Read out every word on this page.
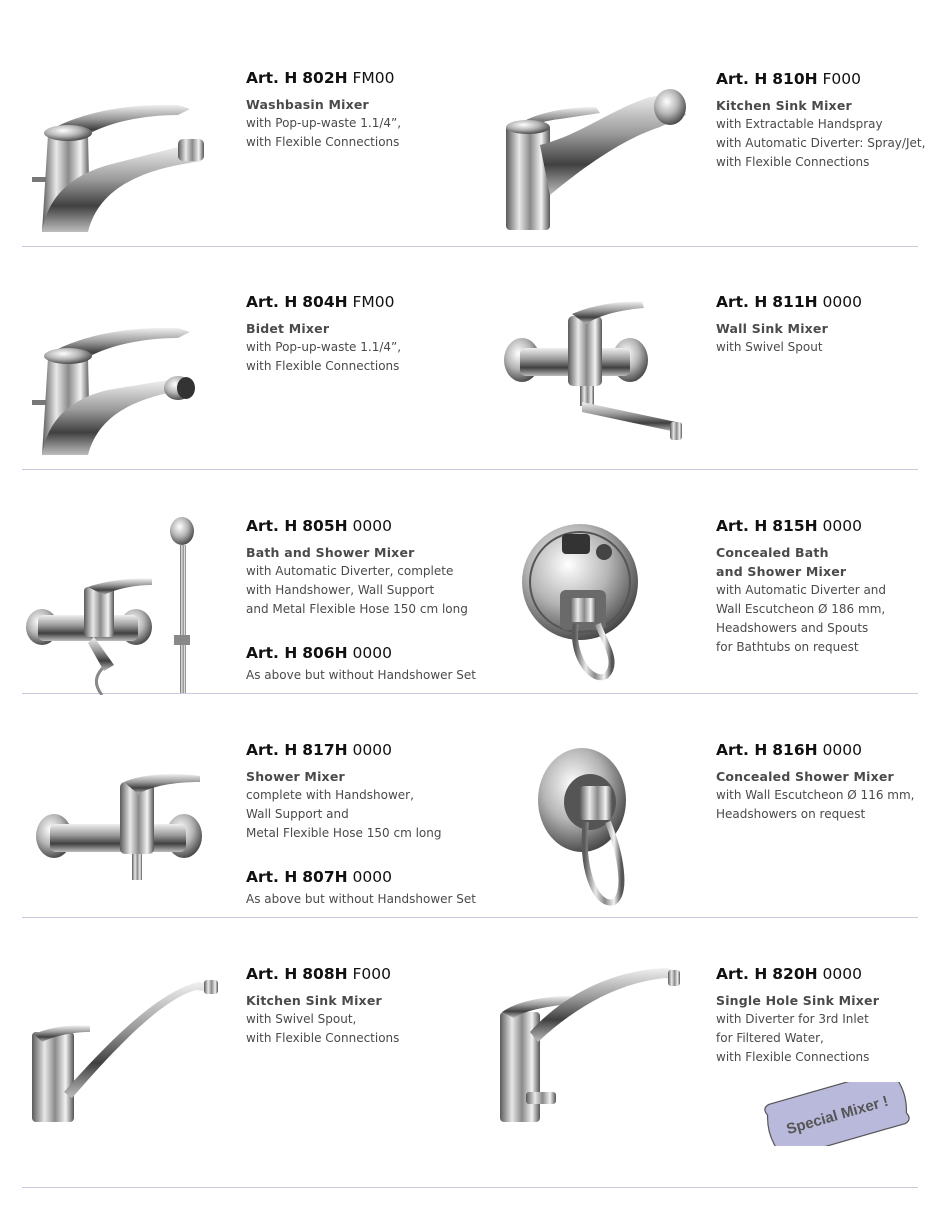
Art. H 802H FM00
Washbasin Mixer
with Pop-up-waste 1.1/4”,
with Flexible Connections
Art. H 810H F000
Kitchen Sink Mixer
with Extractable Handspray
with Automatic Diverter: Spray/Jet,
with Flexible Connections
Art. H 804H FM00
Bidet Mixer
with Pop-up-waste 1.1/4”,
with Flexible Connections
Art. H 811H 0000
Wall Sink Mixer
with Swivel Spout
Art. H 805H 0000
Bath and Shower Mixer
with Automatic Diverter, complete
with Handshower, Wall Support
and Metal Flexible Hose 150 cm long
Art. H 806H 0000
As above but without Handshower Set
Art. H 815H 0000
Concealed Bath
and Shower Mixer
with Automatic Diverter and
Wall Escutcheon Ø 186 mm,
Headshowers and Spouts
for Bathtubs on request
Art. H 817H 0000
Shower Mixer
complete with Handshower,
Wall Support and
Metal Flexible Hose 150 cm long
Art. H 807H 0000
As above but without Handshower Set
Art. H 816H 0000
Concealed Shower Mixer
with Wall Escutcheon Ø 116 mm,
Headshowers on request
Art. H 808H F000
Kitchen Sink Mixer
with Swivel Spout,
with Flexible Connections
Art. H 820H 0000
Single Hole Sink Mixer
with Diverter for 3rd Inlet
for Filtered Water,
with Flexible Connections
Special Mixer !
